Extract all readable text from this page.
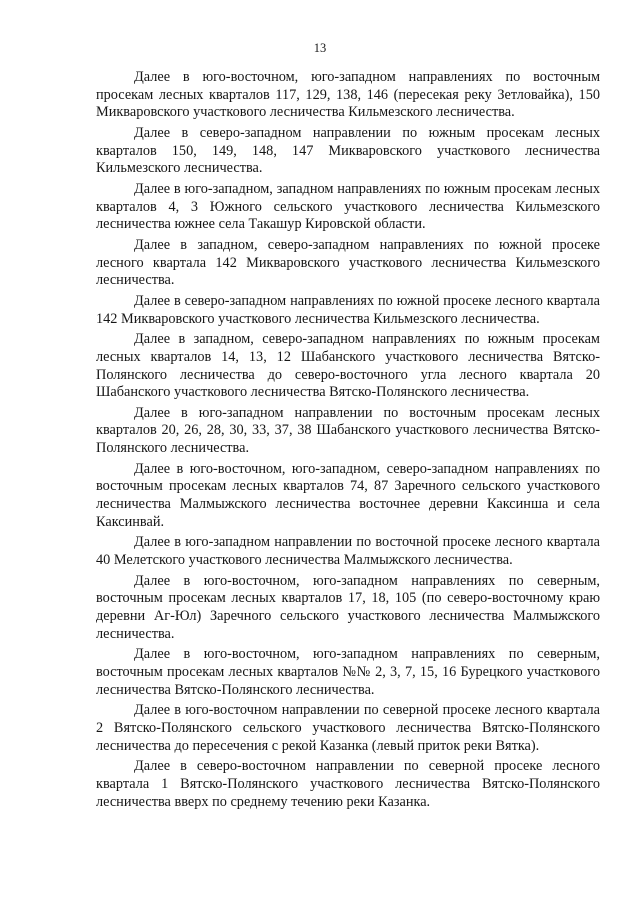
13

Далее в юго-восточном, юго-западном направлениях по восточным просекам лесных кварталов 117, 129, 138, 146 (пересекая реку Зетловайка), 150 Микваровского участкового лесничества Кильмезского лесничества.

Далее в северо-западном направлении по южным просекам лесных кварталов 150, 149, 148, 147 Микваровского участкового лесничества Кильмезского лесничества.

Далее в юго-западном, западном направлениях по южным просекам лесных кварталов 4, 3 Южного сельского участкового лесничества Кильмезского лесничества южнее села Такашур Кировской области.

Далее в западном, северо-западном направлениях по южной просеке лесного квартала 142 Микваровского участкового лесничества Кильмезского лесничества.

Далее в северо-западном направлениях по южной просеке лесного квартала 142 Микваровского участкового лесничества Кильмезского лесничества.

Далее в западном, северо-западном направлениях по южным просекам лесных кварталов 14, 13, 12 Шабанского участкового лесничества Вятско-Полянского лесничества до северо-восточного угла лесного квартала 20 Шабанского участкового лесничества Вятско-Полянского лесничества.

Далее в юго-западном направлении по восточным просекам лесных кварталов 20, 26, 28, 30, 33, 37, 38 Шабанского участкового лесничества Вятско-Полянского лесничества.

Далее в юго-восточном, юго-западном, северо-западном направлениях по восточным просекам лесных кварталов 74, 87 Заречного сельского участкового лесничества Малмыжского лесничества восточнее деревни Каксинша и села Каксинвай.

Далее в юго-западном направлении по восточной просеке лесного квартала 40 Мелетского участкового лесничества Малмыжского лесничества.

Далее в юго-восточном, юго-западном направлениях по северным, восточным просекам лесных кварталов 17, 18, 105 (по северо-восточному краю деревни Аг-Юл) Заречного сельского участкового лесничества Малмыжского лесничества.

Далее в юго-восточном, юго-западном направлениях по северным, восточным просекам лесных кварталов №№ 2, 3, 7, 15, 16 Бурецкого участкового лесничества Вятско-Полянского лесничества.

Далее в юго-восточном направлении по северной просеке лесного квартала 2 Вятско-Полянского сельского участкового лесничества Вятско-Полянского лесничества до пересечения с рекой Казанка (левый приток реки Вятка).

Далее в северо-восточном направлении по северной просеке лесного квартала 1 Вятско-Полянского участкового лесничества Вятско-Полянского лесничества вверх по среднему течению реки Казанка.
